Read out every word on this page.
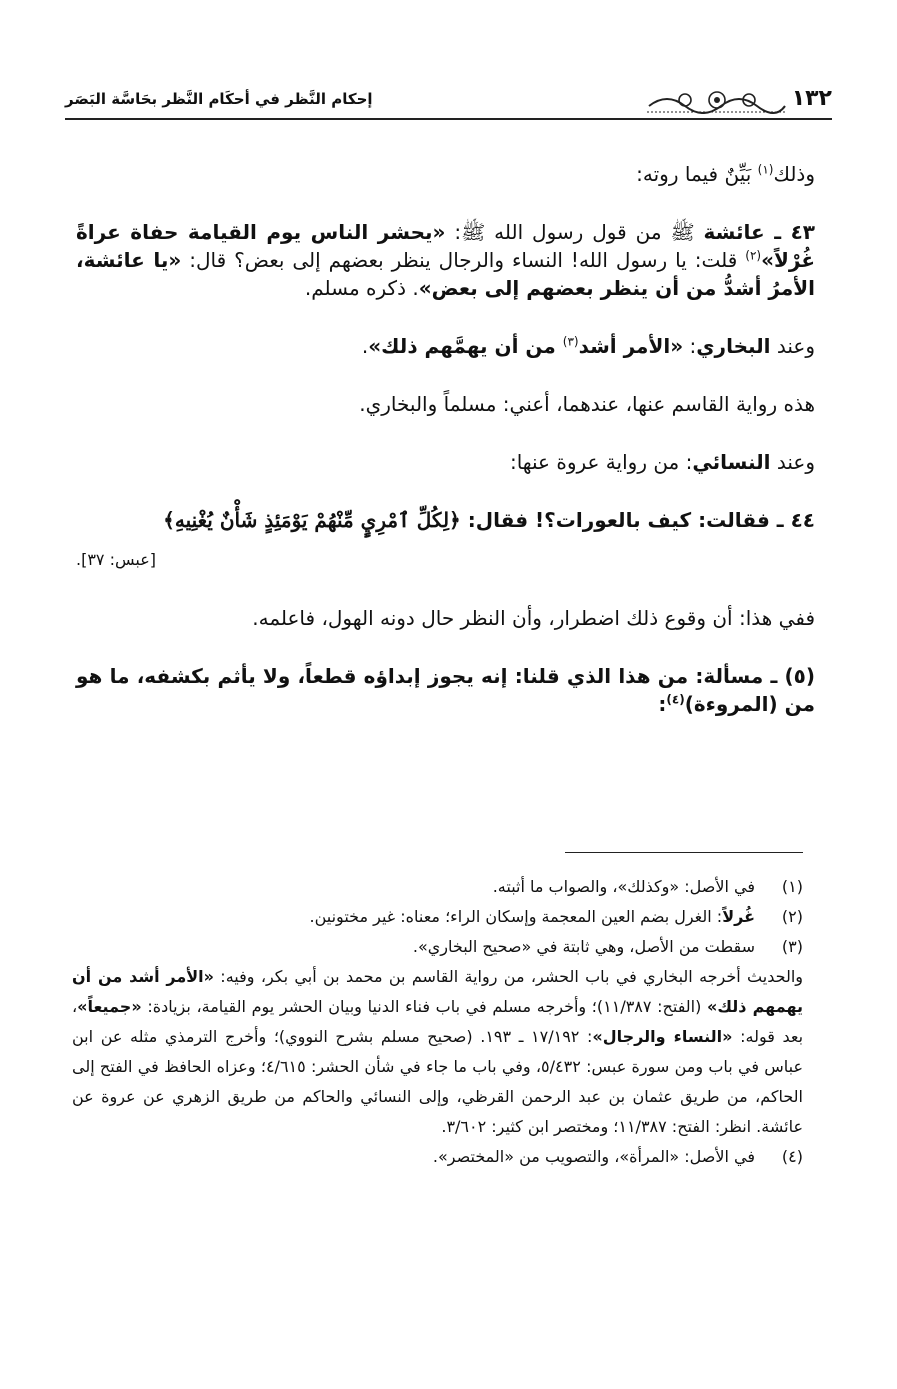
١٣٢
إحكام النَّظر في أحكَام النَّظر بحَاسَّة البَصَر

وذلك$^{(١)}$ بَيِّنٌ فيما روته:

٤٣ ـ عائشة ﷺ من قول رسول الله ﷺ: «يحشر الناس يوم القيامة حفاة عراةً غُرْلاً»$^{(٢)}$ قلت: يا رسول الله! النساء والرجال ينظر بعضهم إلى بعض؟ قال: «يا عائشة، الأمرُ أشدُّ من أن ينظر بعضهم إلى بعض». ذكره مسلم.

وعند البخاري: «الأمر أشد$^{(٣)}$ من أن يهمَّهم ذلك».

هذه رواية القاسم عنها، عندهما، أعني: مسلماً والبخاري.

وعند النسائي: من رواية عروة عنها:

٤٤ ـ فقالت: كيف بالعورات؟! فقال: ﴿لِكُلِّ ٱمْرِيٍٕ مِّنْهُمْ يَوْمَئِذٍ شَأْنٌ يُغْنِيهِ﴾

[عبس: ٣٧].

ففي هذا: أن وقوع ذلك اضطرار، وأن النظر حال دونه الهول، فاعلمه.

(٥) ـ مسألة: من هذا الذي قلنا: إنه يجوز إبداؤه قطعاً، ولا يأثم بكشفه، ما هو من (المروءة)$^{(٤)}$:

(١)
في الأصل: «وكذلك»، والصواب ما أثبته.
(٢)
غُرلاً: الغرل بضم العين المعجمة وإسكان الراء؛ معناه: غير مختونين.
(٣)
سقطت من الأصل، وهي ثابتة في «صحيح البخاري».
والحديث أخرجه البخاري في باب الحشر، من رواية القاسم بن محمد بن أبي بكر، وفيه: «الأمر أشد من أن يهمهم ذلك» (الفتح: ١١/٣٨٧)؛ وأخرجه مسلم في باب فناء الدنيا وبيان الحشر يوم القيامة، بزيادة: «جميعاً»، بعد قوله: «النساء والرجال»: ١٧/١٩٢ ـ ١٩٣. (صحيح مسلم بشرح النووي)؛ وأخرج الترمذي مثله عن ابن عباس في باب ومن سورة عبس: ٥/٤٣٢، وفي باب ما جاء في شأن الحشر: ٤/٦١٥؛ وعزاه الحافظ في الفتح إلى الحاكم، من طريق عثمان بن عبد الرحمن القرظي، وإلى النسائي والحاكم من طريق الزهري عن عروة عن عائشة. انظر: الفتح: ١١/٣٨٧؛ ومختصر ابن كثير: ٣/٦٠٢.
(٤)
في الأصل: «المرأة»، والتصويب من «المختصر».
